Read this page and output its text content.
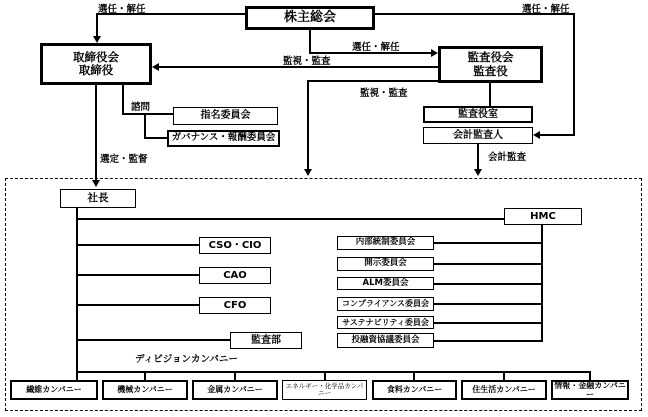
株主総会
取締役会
取締役
監査役会
監査役
指名委員会
ガバナンス・報酬委員会
監査役室
会計監査人
選任・解任
選任・解任
選任・解任
監視・監査
監視・監査
諮問
選定・監督	会計監査
社長
HMC
CSO・CIO
CAO
CFO
監査部
内部統制委員会
開示委員会
ALM委員会
コンプライアンス委員会
サステナビリティ委員会
投融資協議委員会
ディビジョンカンパニー
繊維カンパニー	機械カンパニー	金属カンパニー	エネルギー・化学品カンパニー	食料カンパニー	住生活カンパニー
情報・金融カンパニー
